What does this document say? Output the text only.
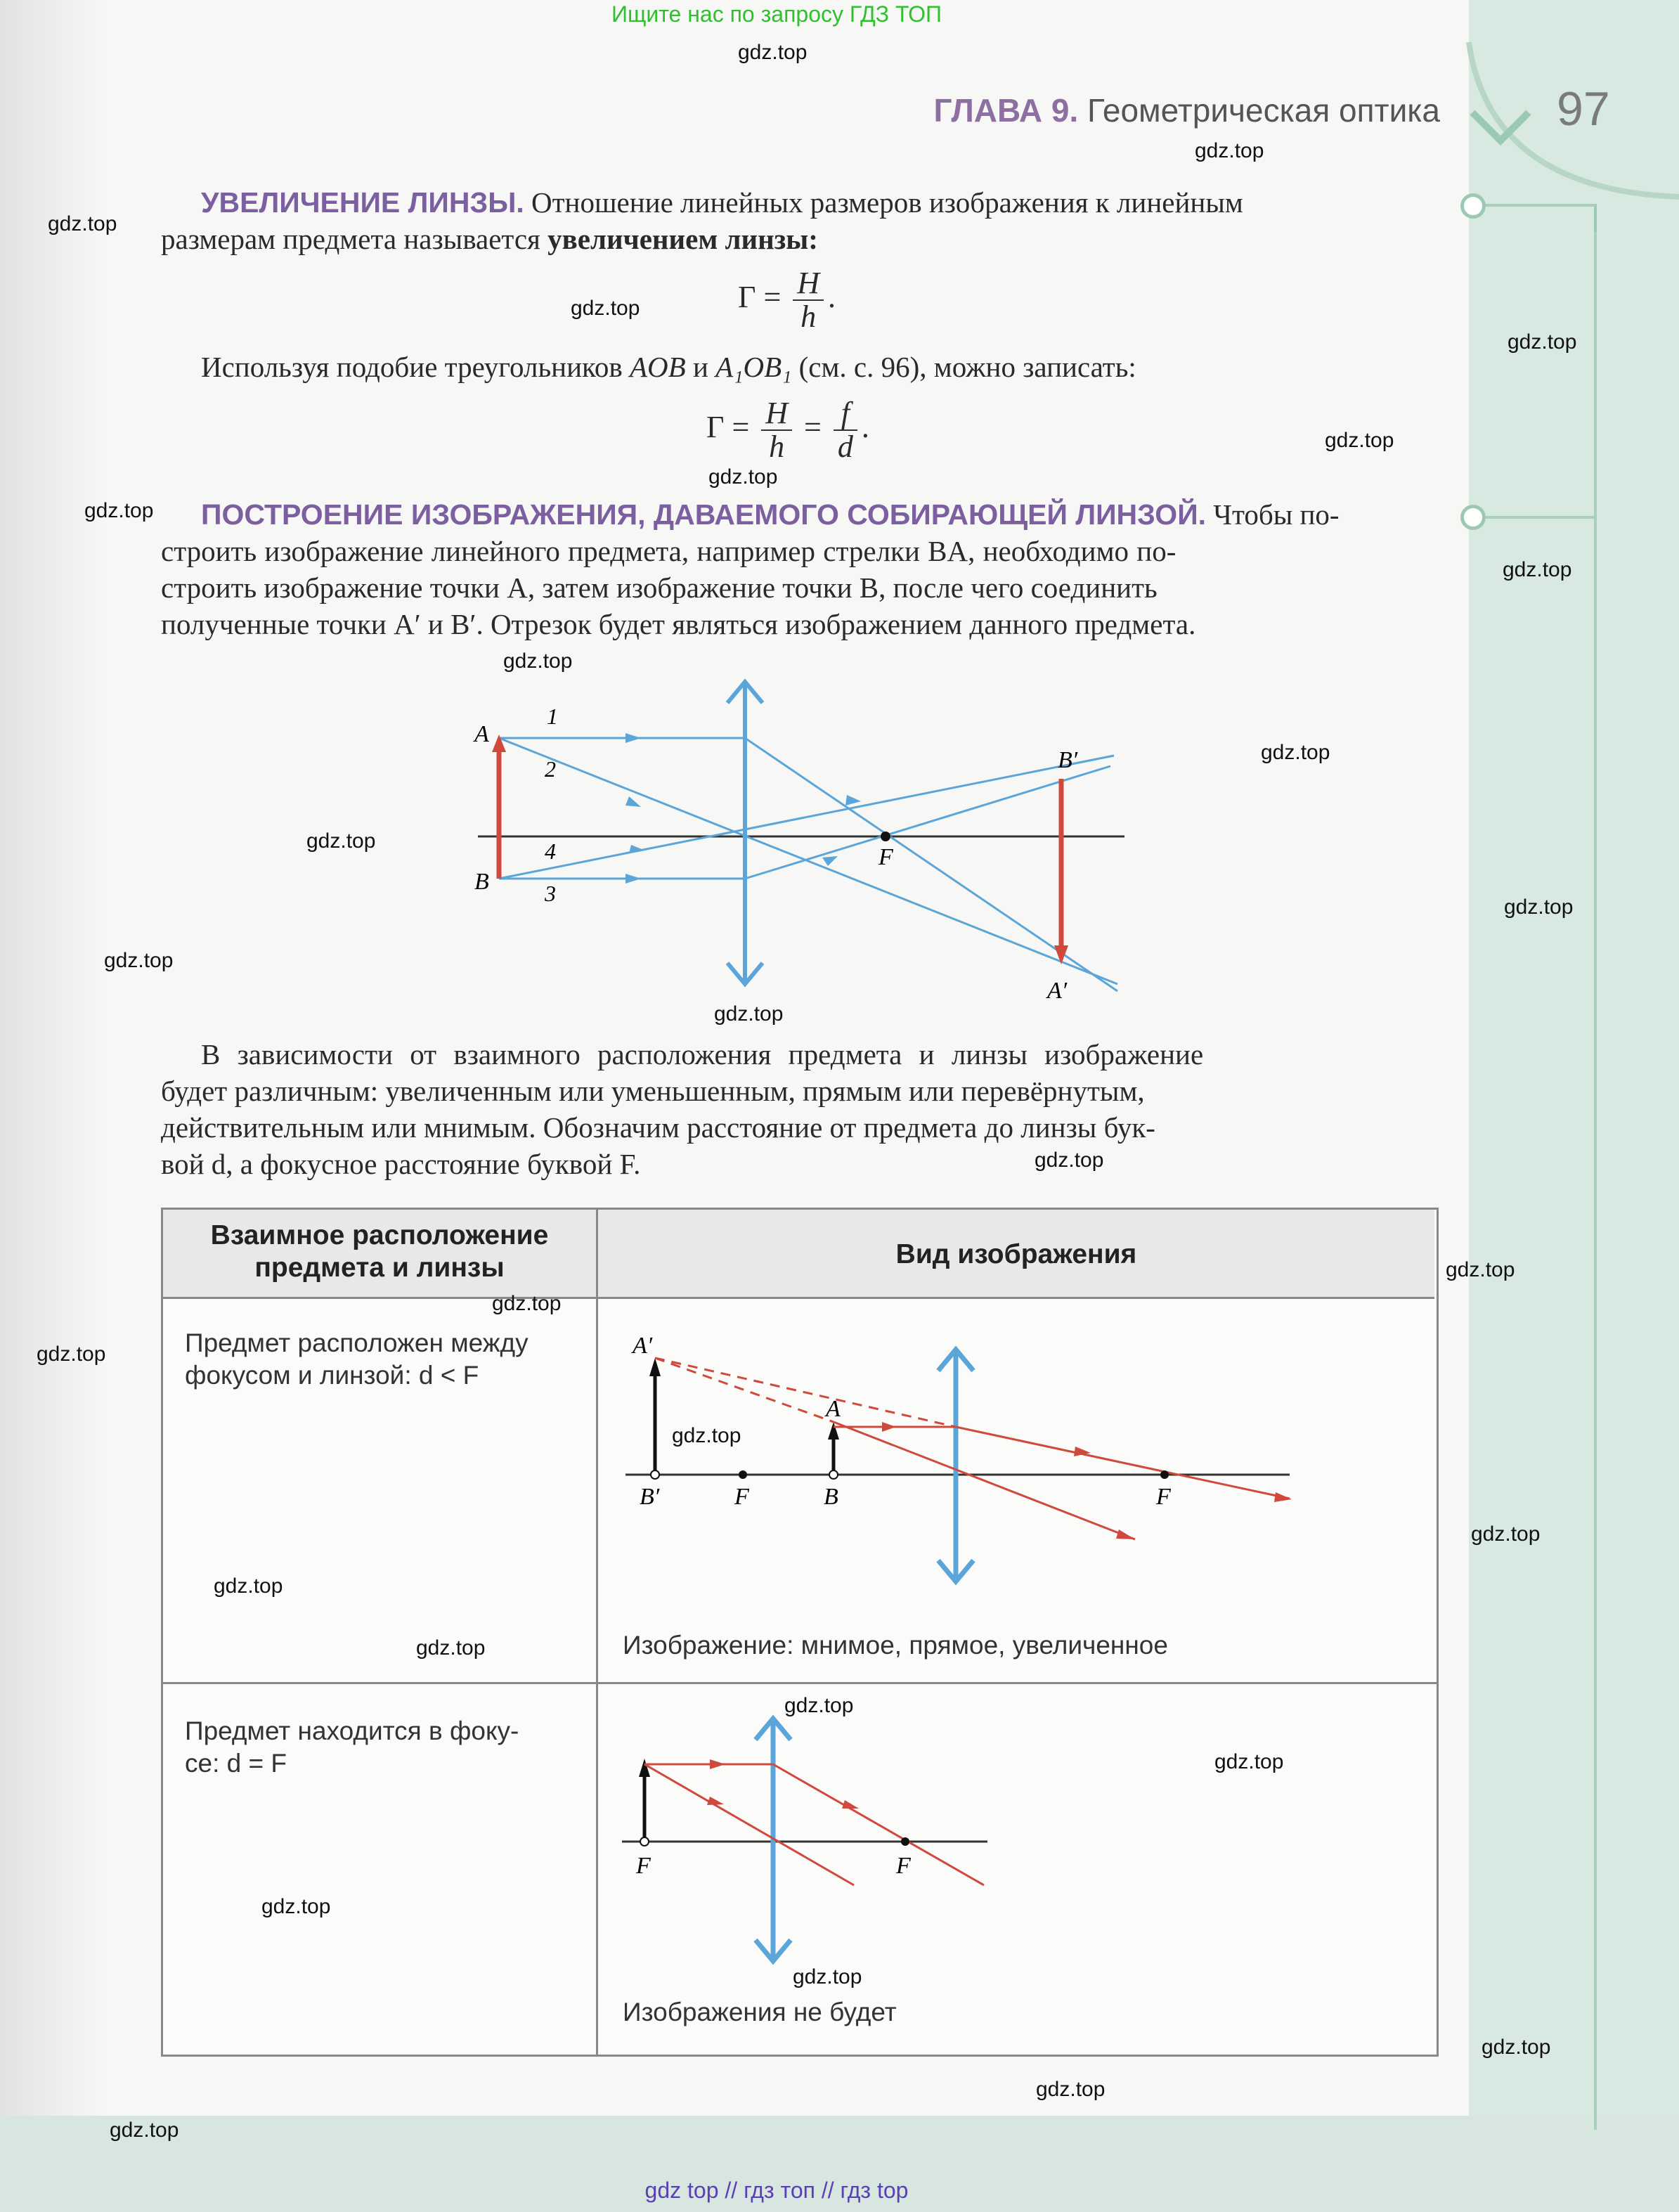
Ищите нас по запросу ГДЗ ТОП
ГЛАВА 9. Геометрическая оптика 97
УВЕЛИЧЕНИЕ ЛИНЗЫ. Отношение линейных размеров изображения к линейным
размерам предмета называется увеличением линзы:
$Г = \frac{H}{h}$ .
Используя подобие треугольников AOB и A₁OB₁ (см. с. 96), можно записать:
$Г = \frac{H}{h} = \frac{f}{d}$ .
ПОСТРОЕНИЕ ИЗОБРАЖЕНИЯ, ДАВАЕМОГО СОБИРАЮЩЕЙ ЛИНЗОЙ. Чтобы по-
строить изображение линейного предмета, например стрелки BA, необходимо по-
строить изображение точки A, затем изображение точки B, после чего соединить
полученные точки A′ и B′. Отрезок будет являться изображением данного предмета.
A
B
B′
A′
F
1
2
4
3
В зависимости от взаимного расположения предмета и линзы изображение
будет различным: увеличенным или уменьшенным, прямым или перевёрнутым,
действительным или мнимым. Обозначим расстояние от предмета до линзы бук-
вой d, а фокусное расстояние буквой F.
Взаимное расположение
предмета и линзы	Вид изображения
Предмет расположен между
фокусом и линзой: d < F
A′
A
B′	F	B	F
Изображение: мнимое, прямое, увеличенное
Предмет находится в фоку-
се: d = F
F	F
Изображения не будет
gdz.top
gdz.top
gdz.top
gdz.top
gdz.top
gdz.top
gdz.top
gdz.top
gdz.top
gdz.top
gdz.top
gdz.top
gdz.top
gdz.top
gdz.top
gdz.top
gdz.top
gdz.top
gdz.top
gdz.top
gdz.top
gdz.top
gdz.top
gdz.top
gdz.top
gdz.top
gdz.top
gdz.top
gdz.top
gdz.top
gdz top // гдз топ // гдз top
